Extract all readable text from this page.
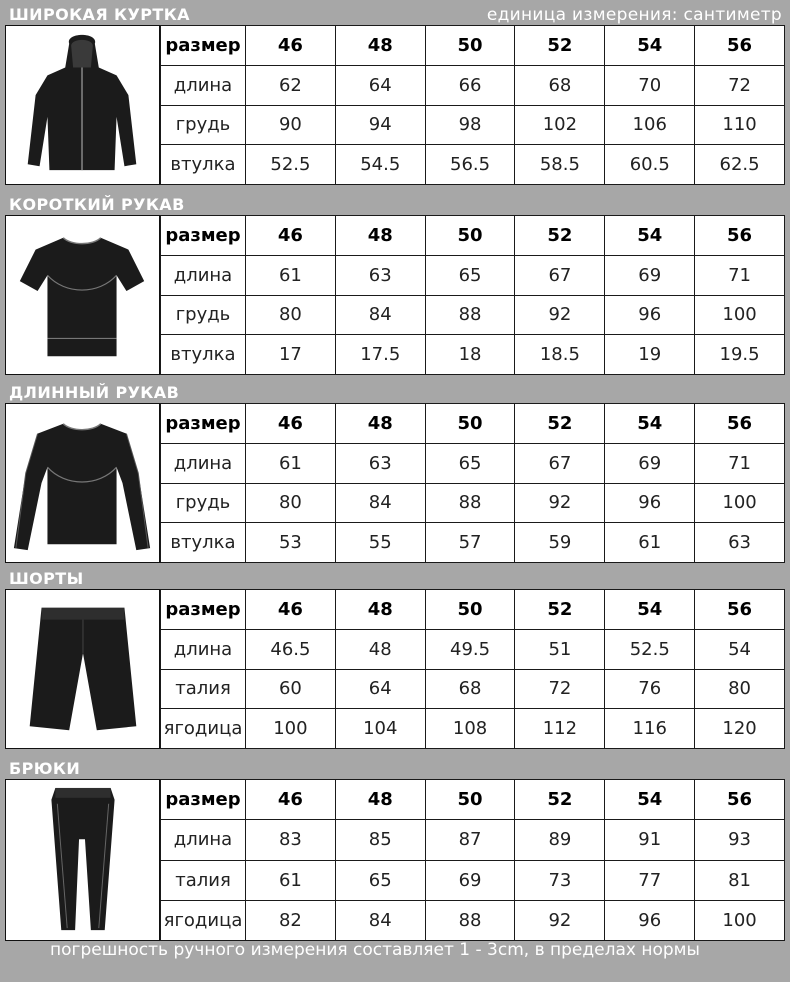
единица измерения: сантиметр
ШИРОКАЯ КУРТКА
размер	46	48	50	52	54	56
длина	62	64	66	68	70	72
грудь	90	94	98	102	106	110
втулка	52.5	54.5	56.5	58.5	60.5	62.5
КОРОТКИЙ РУКАВ
размер	46	48	50	52	54	56
длина	61	63	65	67	69	71
грудь	80	84	88	92	96	100
втулка	17	17.5	18	18.5	19	19.5
ДЛИННЫЙ РУКАВ
размер	46	48	50	52	54	56
длина	61	63	65	67	69	71
грудь	80	84	88	92	96	100
втулка	53	55	57	59	61	63
ШОРТЫ
размер	46	48	50	52	54	56
длина	46.5	48	49.5	51	52.5	54
талия	60	64	68	72	76	80
ягодица	100	104	108	112	116	120
БРЮКИ
размер	46	48	50	52	54	56
длина	83	85	87	89	91	93
талия	61	65	69	73	77	81
ягодица	82	84	88	92	96	100
погрешность ручного измерения составляет 1 - 3cm, в пределах нормы
